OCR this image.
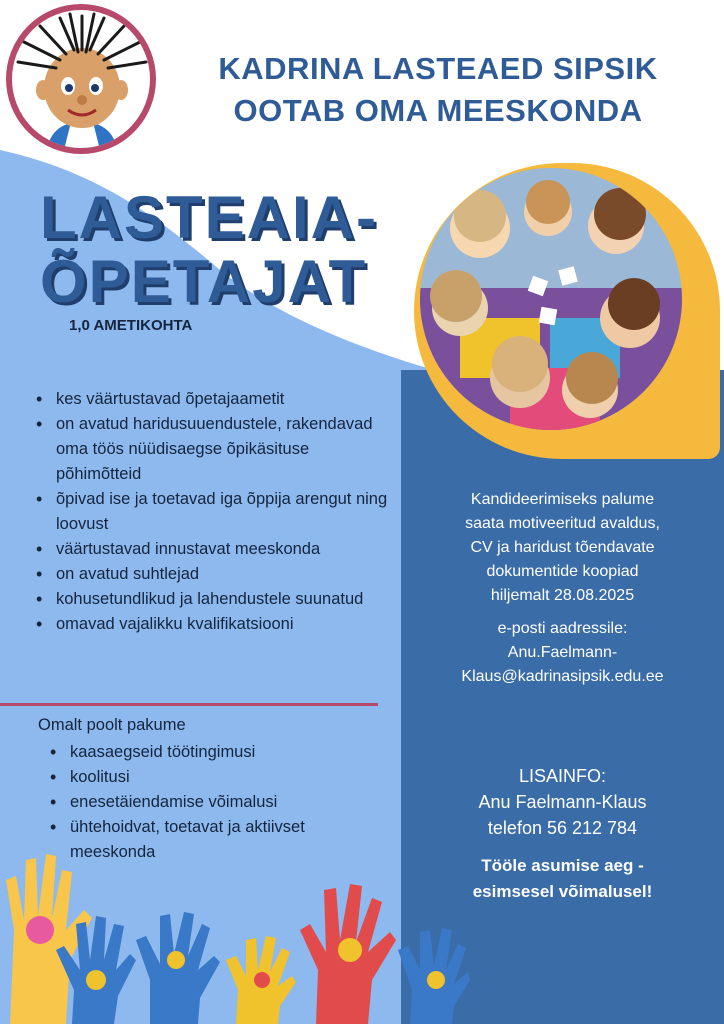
KADRINA LASTEAED SIPSIK
OOTAB OMA MEESKONDA
LASTEAIA-
ÕPETAJAT
1,0 AMETIKOHTA
• kes väärtustavad õpetajaametit
• on avatud haridusuuendustele, rakendavad oma töös nüüdisaegse õpikäsituse põhimõtteid
• õpivad ise ja toetavad iga õppija arengut ning loovust
• väärtustavad innustavat meeskonda
• on avatud suhtlejad
• kohusetundlikud ja lahendustele suunatud
• omavad vajalikku kvalifikatsiooni
Omalt poolt pakume
• kaasaegseid töötingimusi
• koolitusi
• enesetäiendamise võimalusi
• ühtehoidvat, toetavat ja aktiivset meeskonda
Kandideerimiseks palume
saata motiveeritud avaldus,
CV ja haridust tõendavate
dokumentide koopiad
hiljemalt 28.08.2025
e-posti aadressile:
Anu.Faelmann-
Klaus@kadrinasipsik.edu.ee
LISAINFO:
Anu Faelmann-Klaus
telefon 56 212 784
Tööle asumise aeg -
esimsesel võimalusel!
